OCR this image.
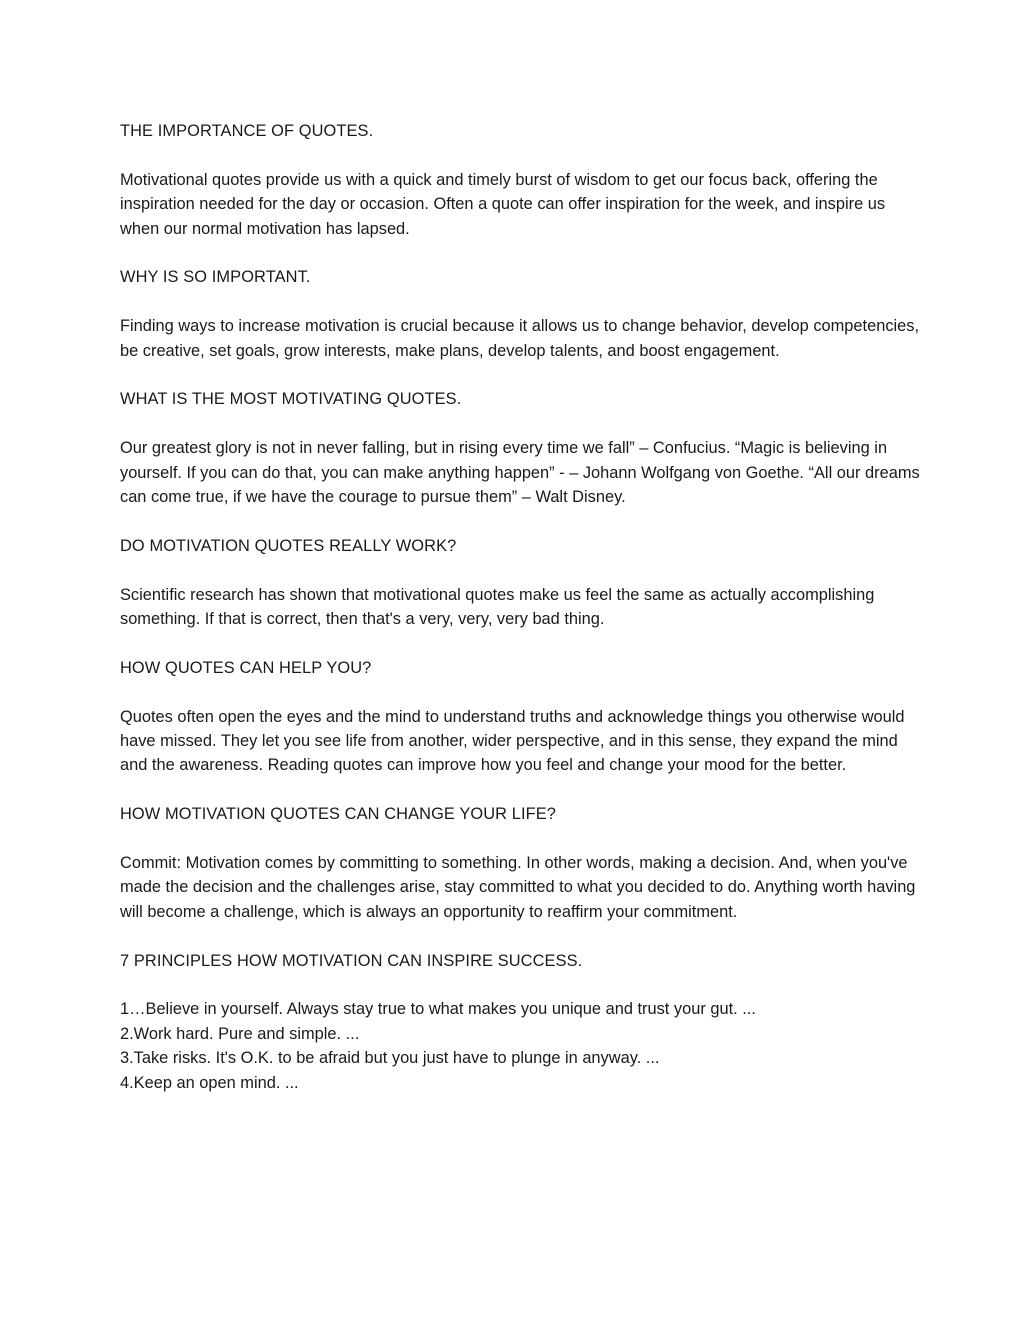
THE IMPORTANCE OF QUOTES.
Motivational quotes provide us with a quick and timely burst of wisdom to get our focus back, offering the inspiration needed for the day or occasion. Often a quote can offer inspiration for the week, and inspire us when our normal motivation has lapsed.
WHY IS SO IMPORTANT.
Finding ways to increase motivation is crucial because it allows us to change behavior, develop competencies, be creative, set goals, grow interests, make plans, develop talents, and boost engagement.
WHAT IS THE MOST MOTIVATING QUOTES.
Our greatest glory is not in never falling, but in rising every time we fall” – Confucius. “Magic is believing in yourself. If you can do that, you can make anything happen” - – Johann Wolfgang von Goethe. “All our dreams can come true, if we have the courage to pursue them” – Walt Disney.
DO MOTIVATION QUOTES REALLY WORK?
Scientific research has shown that motivational quotes make us feel the same as actually accomplishing something. If that is correct, then that's a very, very, very bad thing.
HOW QUOTES CAN HELP YOU?
Quotes often open the eyes and the mind to understand truths and acknowledge things you otherwise would have missed. They let you see life from another, wider perspective, and in this sense, they expand the mind and the awareness. Reading quotes can improve how you feel and change your mood for the better.
HOW MOTIVATION QUOTES CAN CHANGE YOUR LIFE?
Commit: Motivation comes by committing to something. In other words, making a decision. And, when you've made the decision and the challenges arise, stay committed to what you decided to do. Anything worth having will become a challenge, which is always an opportunity to reaffirm your commitment.
7 PRINCIPLES HOW MOTIVATION CAN INSPIRE SUCCESS.
1…Believe in yourself. Always stay true to what makes you unique and trust your gut. ...
2.Work hard. Pure and simple. ...
3.Take risks. It's O.K. to be afraid but you just have to plunge in anyway. ...
4.Keep an open mind. ...
